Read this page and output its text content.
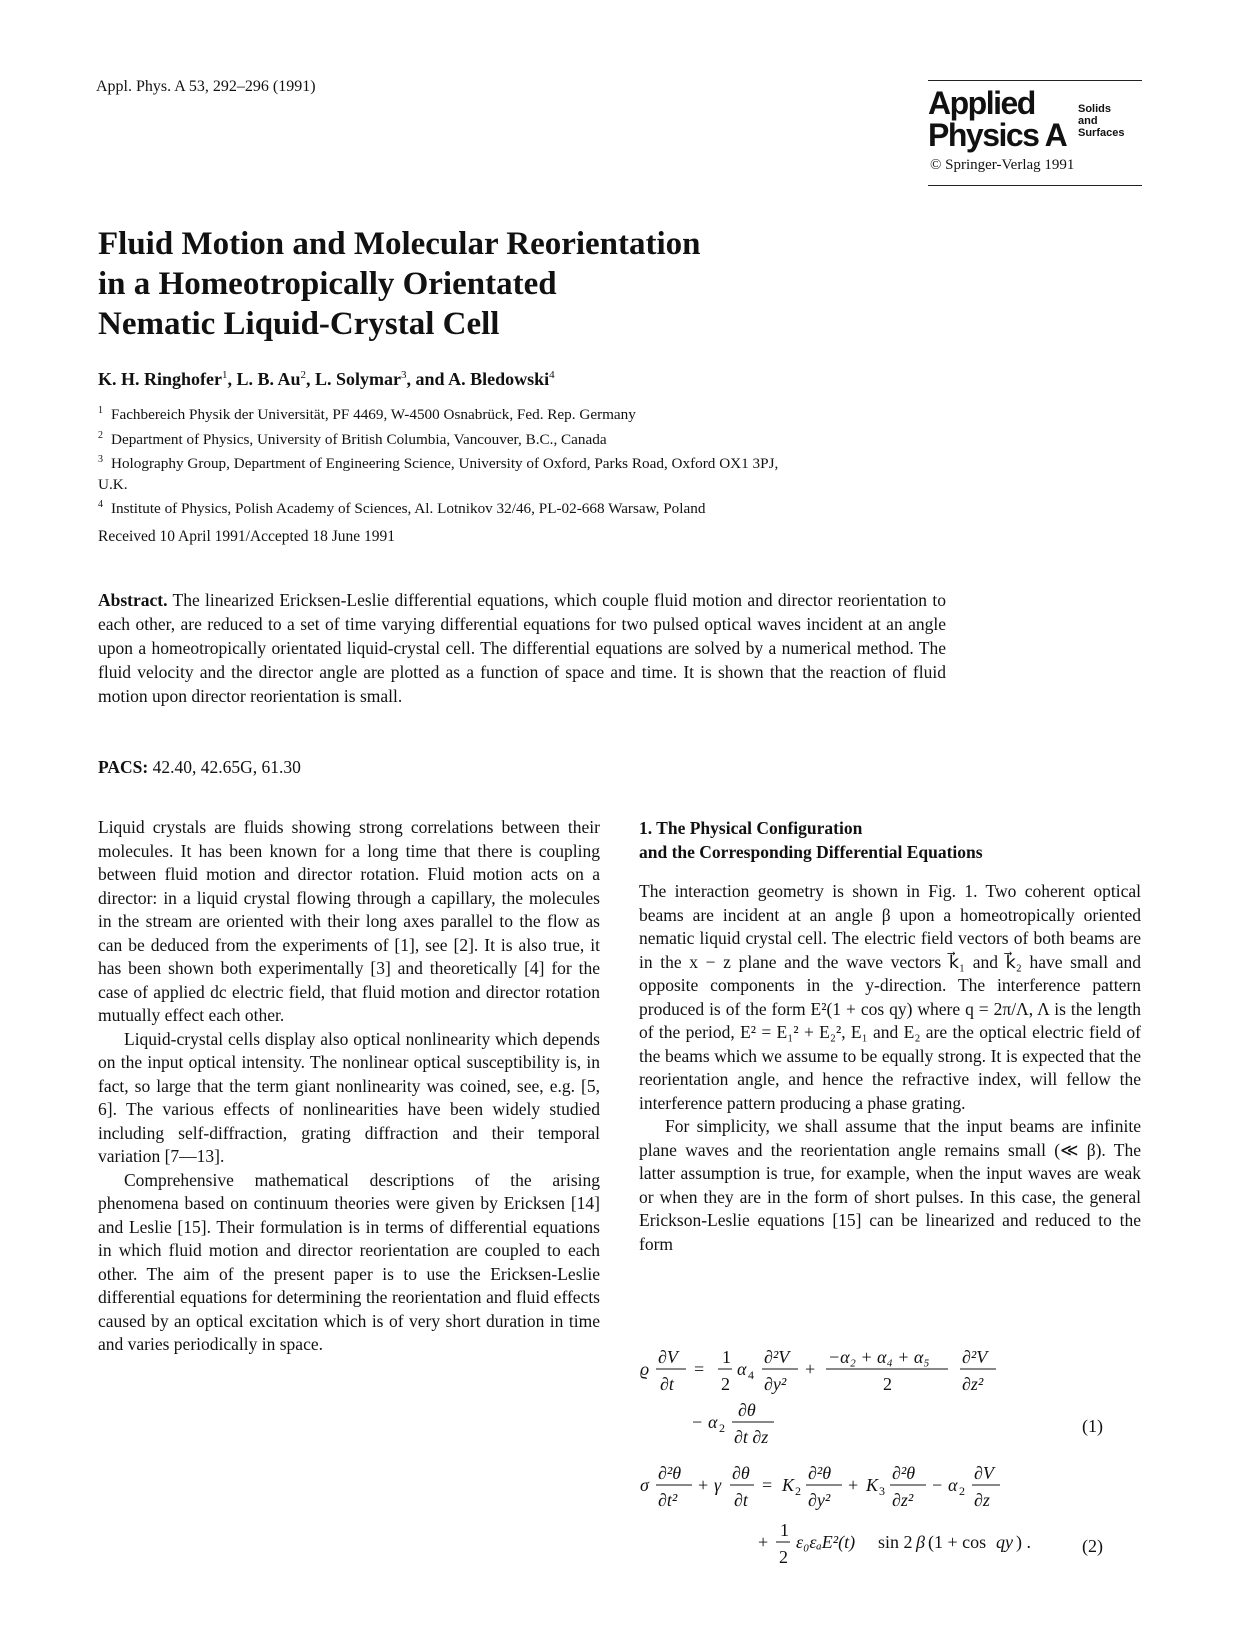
Appl. Phys. A 53, 292–296 (1991)	Applied
Physics A
Solids
and
Surfaces
© Springer-Verlag 1991
Fluid Motion and Molecular Reorientation
in a Homeotropically Orientated
Nematic Liquid-Crystal Cell
K. H. Ringhofer$^1$, L. B. Au$^2$, L. Solymar$^3$, and A. Bledowski$^4$
$^1$ Fachbereich Physik der Universität, PF 4469, W-4500 Osnabrück, Fed. Rep. Germany
$^2$ Department of Physics, University of British Columbia, Vancouver, B.C., Canada
$^3$ Holography Group, Department of Engineering Science, University of Oxford, Parks Road, Oxford OX1 3PJ, U.K.
$^4$ Institute of Physics, Polish Academy of Sciences, Al. Lotnikov 32/46, PL-02-668 Warsaw, Poland
Received 10 April 1991/Accepted 18 June 1991
Abstract. The linearized Ericksen-Leslie differential equations, which couple fluid motion and director reorientation to each other, are reduced to a set of time varying differential equations for two pulsed optical waves incident at an angle upon a homeotropically orientated liquid-crystal cell. The differential equations are solved by a numerical method. The fluid velocity and the director angle are plotted as a function of space and time. It is shown that the reaction of fluid motion upon director reorientation is small.
PACS: 42.40, 42.65G, 61.30

Liquid crystals are fluids showing strong correlations between their molecules. It has been known for a long time that there is coupling between fluid motion and director rotation. Fluid motion acts on a director: in a liquid crystal flowing through a capillary, the molecules in the stream are oriented with their long axes parallel to the flow as can be deduced from the experiments of [1], see [2]. It is also true, it has been shown both experimentally [3] and theoretically [4] for the case of applied dc electric field, that fluid motion and director rotation mutually effect each other.

Liquid-crystal cells display also optical nonlinearity which depends on the input optical intensity. The nonlinear optical susceptibility is, in fact, so large that the term giant nonlinearity was coined, see, e.g. [5, 6]. The various effects of nonlinearities have been widely studied including self-diffraction, grating diffraction and their temporal variation [7—13].

Comprehensive mathematical descriptions of the arising phenomena based on continuum theories were given by Ericksen [14] and Leslie [15]. Their formulation is in terms of differential equations in which fluid motion and director reorientation are coupled to each other. The aim of the present paper is to use the Ericksen-Leslie differential equations for determining the reorientation and fluid effects caused by an optical excitation which is of very short duration in time and varies periodically in space.

1. The Physical Configuration
and the Corresponding Differential Equations

The interaction geometry is shown in Fig. 1. Two coherent optical beams are incident at an angle β upon a homeotropically oriented nematic liquid crystal cell. The electric field vectors of both beams are in the x − z plane and the wave vectors k⃗₁ and k⃗₂ have small and opposite components in the y-direction. The interference pattern produced is of the form E²(1 + cos qy) where q = 2π/Λ, Λ is the length of the period, E² = E₁² + E₂², E₁ and E₂ are the optical electric field of the beams which we assume to be equally strong. It is expected that the reorientation angle, and hence the refractive index, will fellow the interference pattern producing a phase grating.

For simplicity, we shall assume that the input beams are infinite plane waves and the reorientation angle remains small (≪ β). The latter assumption is true, for example, when the input waves are weak or when they are in the form of short pulses. In this case, the general Erickson-Leslie equations [15] can be linearized and reduced to the form

ϱ
∂V
∂t
=
1
2
α 4
∂²V
∂y²
+
−α₂ + α₄ + α₅
2
∂²V
∂z²
− α 2
∂θ
∂t ∂z
(1)
σ
∂²θ
∂t²
+ γ
∂θ
∂t
= K 2
∂²θ
∂y²
+ K 3
∂²θ
∂z²
− α 2
∂V
∂z
+
1
2
ε₀εₐE²(t) sin 2 β (1 + cos qy ) .	(2)
